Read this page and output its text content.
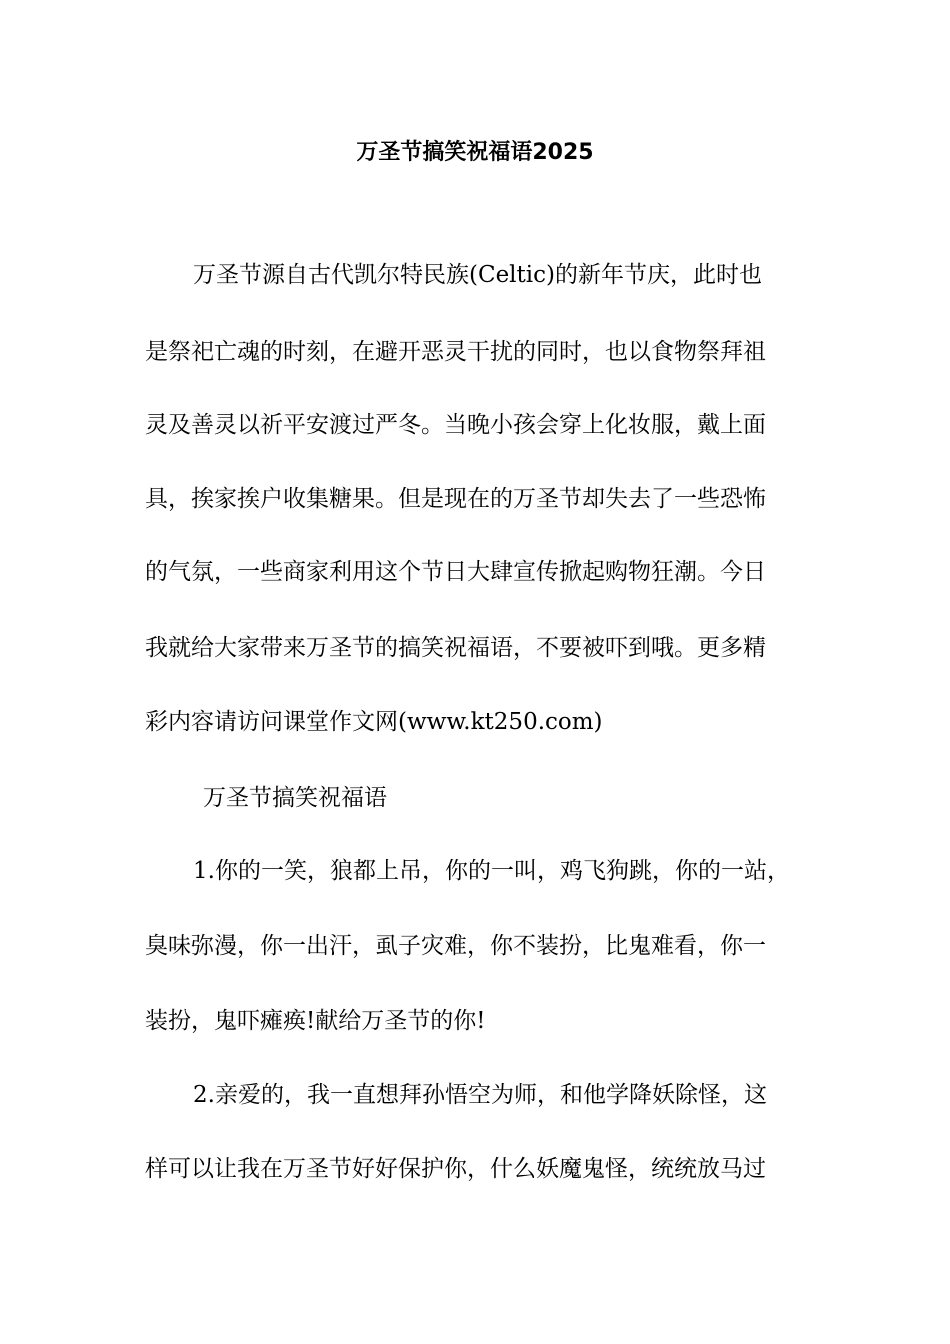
万圣节搞笑祝福语2025
万圣节源自古代凯尔特民族(Celtic)的新年节庆，此时也
是祭祀亡魂的时刻，在避开恶灵干扰的同时，也以食物祭拜祖
灵及善灵以祈平安渡过严冬。当晚小孩会穿上化妆服，戴上面
具，挨家挨户收集糖果。但是现在的万圣节却失去了一些恐怖
的气氛，一些商家利用这个节日大肆宣传掀起购物狂潮。今日
我就给大家带来万圣节的搞笑祝福语，不要被吓到哦。更多精
彩内容请访问课堂作文网(www.kt250.com)
万圣节搞笑祝福语
1.你的一笑，狼都上吊，你的一叫，鸡飞狗跳，你的一站，
臭味弥漫，你一出汗，虱子灾难，你不装扮，比鬼难看，你一
装扮，鬼吓瘫痪!献给万圣节的你!
2.亲爱的，我一直想拜孙悟空为师，和他学降妖除怪，这
样可以让我在万圣节好好保护你，什么妖魔鬼怪，统统放马过
